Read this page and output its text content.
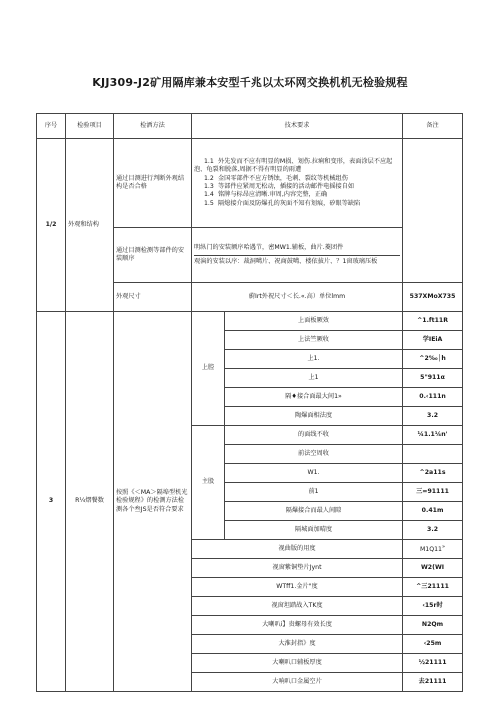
KJJ309-J2矿用隔库兼本安型千兆以太环网交换机机无检验规程
序号	检验项目	检洒方法	技术要求		备注
1/2	外观和结构	通过目测进行判断外观结构是否合格	1.1 外先发而不应有明显的M损、划伤.拉痢和变形，表面涂层不应起泡、龟裂和脱落,周据不得有明显的雨遭
1.2 金国零部件不应方锈蚀，毛刺、裂纹等机械组伤
1.3 等部件应紧周无松动，插接的活动邮件电摇接自如
1.4 铭牌与标昂应清晰.审周,内容完整，正确
1.5 隔熄接介面及防爆孔的灰面不知有划痕，矽眼等缺陷		

		通过目测检测等部件的安装顺序	明纵门的安装额序哈遇节，密MW1.辅板，曲片.菱团件
观演的安装以序：裁洞噶片、祝商鼓噶、楼依拔片、？1窗玻璃压板		

		外观尺寸	蔚Irt外祝尺寸＜长.«.高）单位lmm		537XMoX735
3	R¼熠餐数	按照《＜MA＞隔埠型机光检验规程》的检测方法检测各个叁JS是否符合要求	上腔	上面板厥效	^1.ft11R
				上法竺厥收	学IEiA
				上1.	^2%₀│h
				上1	5"911α
				隔♦接合面最大间1»	0.‹111n
				陶爆面相法度	3.2
			主股	的面线不收	¼1.1¼n'
				前法空周收	
				W1.	^2a11s
				前1	三=91111
				隔爆接合而最人间隙	0.41m
				隔城面加晴度	3.2
			视曲版的用度		M1Q11»
			视窗紫铜垫片Jynt		W2(WI
			WTff1.金片"度		^三21111
			视窗坦踏战入TK度		‹15r时
			大喇叭i】贵螺母有效长度		N2Qm
			大淮封指》度		‹25m
			大喇叭口辅板厚度		½21111
			大响叭口金属空片		去21111
